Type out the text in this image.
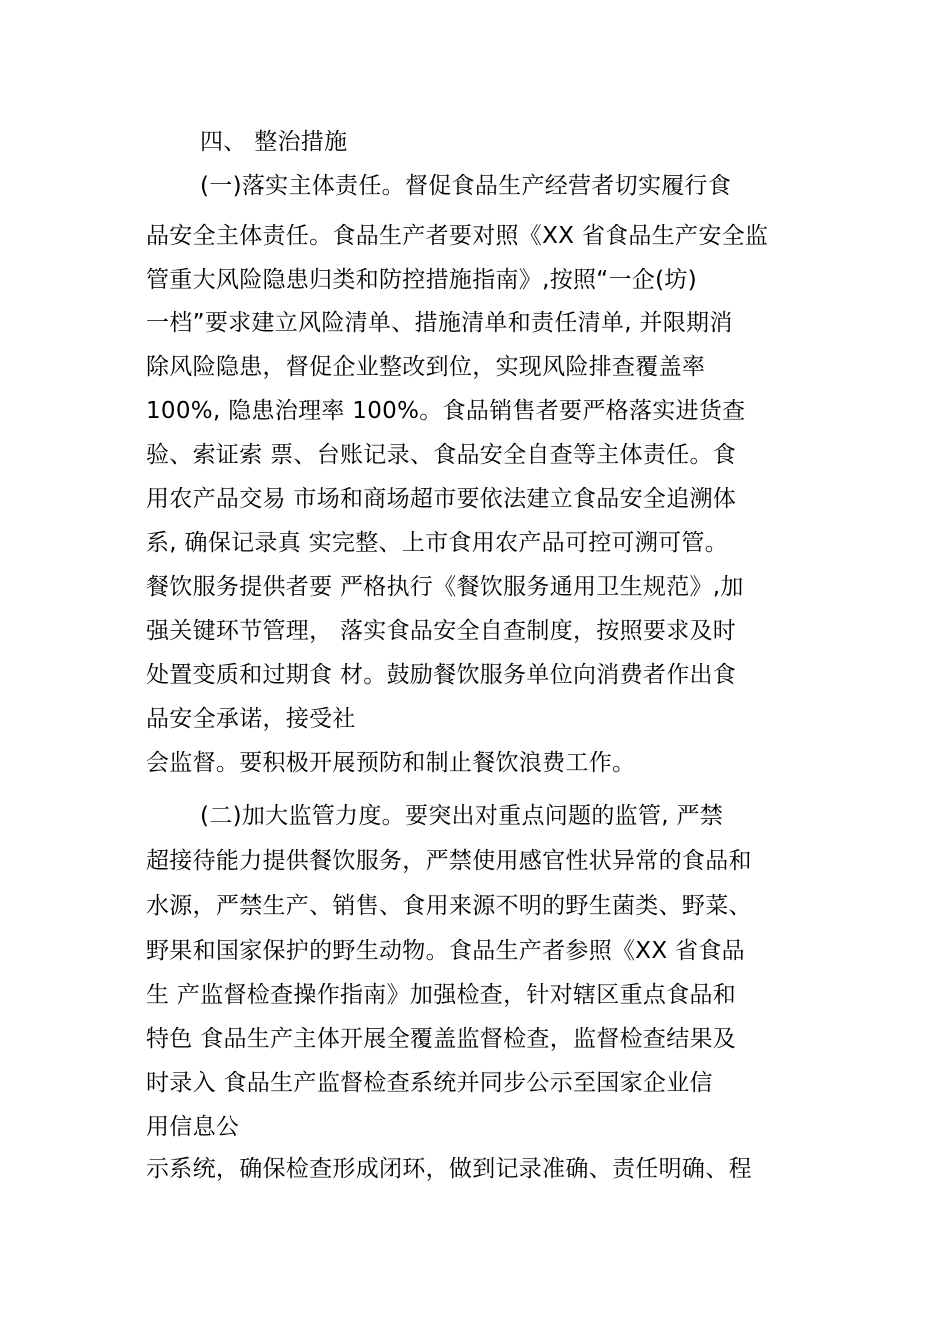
四、 整治措施
(一)落实主体责任。督促食品生产经营者切实履行食
品安全主体责任。食品生产者要对照《XX 省食品生产安全监
管重大风险隐患归类和防控措施指南》,按照“一企(坊)
一档”要求建立风险清单、措施清单和责任清单, 并限期消
除风险隐患，督促企业整改到位，实现风险排查覆盖率
100%, 隐患治理率 100%。食品销售者要严格落实进货查
验、索证索 票、台账记录、食品安全自查等主体责任。食
用农产品交易 市场和商场超市要依法建立食品安全追溯体
系, 确保记录真 实完整、上市食用农产品可控可溯可管。
餐饮服务提供者要 严格执行《餐饮服务通用卫生规范》,加
强关键环节管理， 落实食品安全自查制度，按照要求及时
处置变质和过期食 材。鼓励餐饮服务单位向消费者作出食
品安全承诺，接受社
会监督。要积极开展预防和制止餐饮浪费工作。
(二)加大监管力度。要突出对重点问题的监管, 严禁
超接待能力提供餐饮服务，严禁使用感官性状异常的食品和
水源，严禁生产、销售、食用来源不明的野生菌类、野菜、
野果和国家保护的野生动物。食品生产者参照《XX 省食品
生 产监督检查操作指南》加强检查，针对辖区重点食品和
特色 食品生产主体开展全覆盖监督检查，监督检查结果及
时录入 食品生产监督检查系统并同步公示至国家企业信
用信息公
示系统，确保检查形成闭环，做到记录准确、责任明确、程
